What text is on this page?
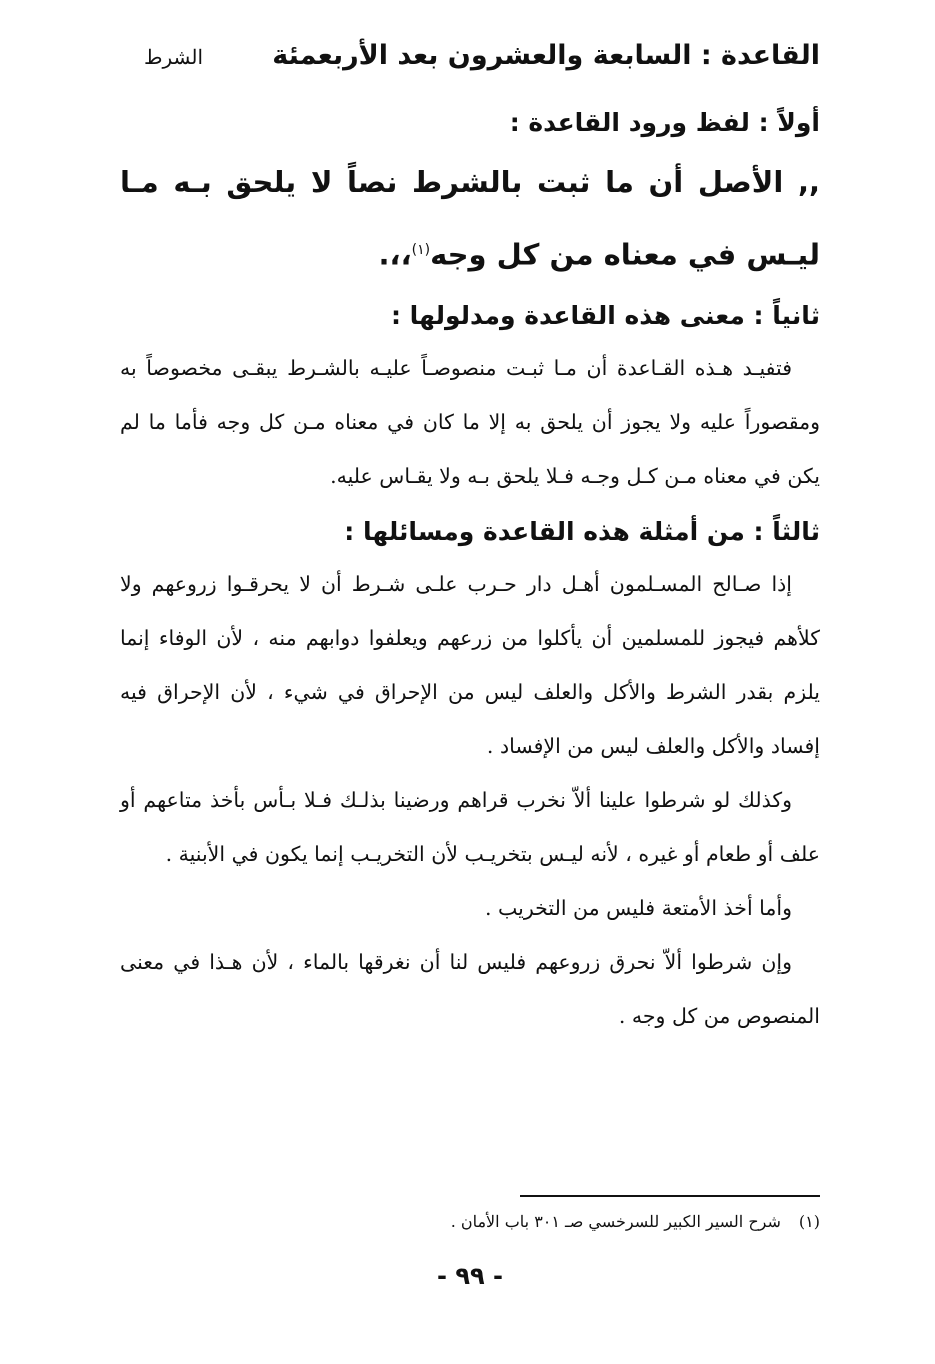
القاعدة : السابعة والعشرون بعد الأربعمئة
الشرط
أولاً : لفظ ورود القاعدة :

,, الأصل أن ما ثبت بالشرط نصاً لا يلحق بـه مـا ليـس في معناه من كل وجه$^{(١)}$،،.

ثانياً : معنى هذه القاعدة ومدلولها :

فتفيـد هـذه القـاعدة أن مـا ثبـت منصوصـاً عليـه بالشـرط يبقـى مخصوصاً به ومقصوراً عليه ولا يجوز أن يلحق به إلا ما كان في معناه مـن كل وجه فأما ما لم يكن في معناه مـن كـل وجـه فـلا يلحق بـه ولا يقـاس عليه.

ثالثاً : من أمثلة هذه القاعدة ومسائلها :

إذا صـالح المسـلمون أهـل دار حـرب علـى شـرط أن لا يحرقـوا زروعهم ولا كلأهم فيجوز للمسلمين أن يأكلوا من زرعهم ويعلفوا دوابهم منه ، لأن الوفاء إنما يلزم بقدر الشرط والأكل والعلف ليس من الإحراق في شيء ، لأن الإحراق فيه إفساد والأكل والعلف ليس من الإفساد .

وكذلك لو شرطوا علينا ألاّ نخرب قراهم ورضينا بذلـك فـلا بـأس بأخذ متاعهم أو علف أو طعام أو غيره ، لأنه ليـس بتخريـب لأن التخريـب إنما يكون في الأبنية .

وأما أخذ الأمتعة فليس من التخريب .

وإن شرطوا ألاّ نحرق زروعهم فليس لنا أن نغرقها بالماء ، لأن هـذا في معنى المنصوص من كل وجه .

(١)شرح السير الكبير للسرخسي صـ ٣٠١ باب الأمان .
- ٩٩ -
